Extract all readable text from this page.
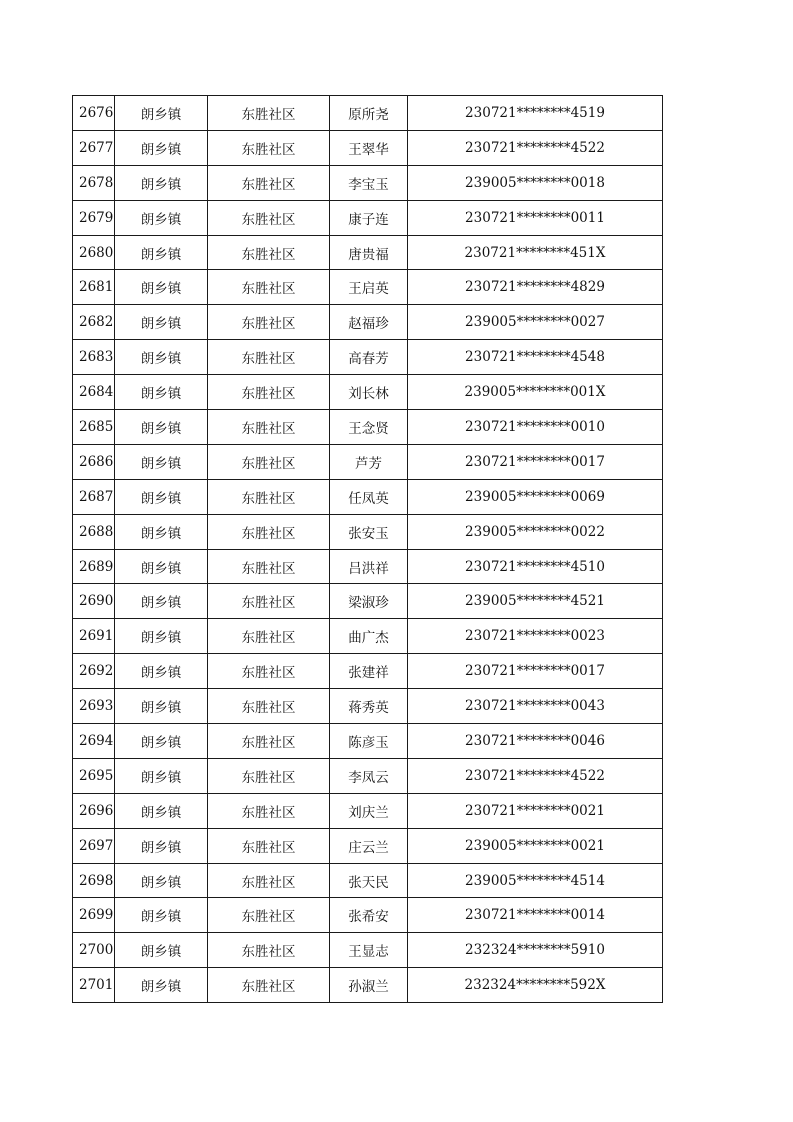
2676	朗乡镇	东胜社区	原所尧	230721********4519
2677	朗乡镇	东胜社区	王翠华	230721********4522
2678	朗乡镇	东胜社区	李宝玉	239005********0018
2679	朗乡镇	东胜社区	康子连	230721********0011
2680	朗乡镇	东胜社区	唐贵福	230721********451X
2681	朗乡镇	东胜社区	王启英	230721********4829
2682	朗乡镇	东胜社区	赵福珍	239005********0027
2683	朗乡镇	东胜社区	高春芳	230721********4548
2684	朗乡镇	东胜社区	刘长林	239005********001X
2685	朗乡镇	东胜社区	王念贤	230721********0010
2686	朗乡镇	东胜社区	芦芳	230721********0017
2687	朗乡镇	东胜社区	任凤英	239005********0069
2688	朗乡镇	东胜社区	张安玉	239005********0022
2689	朗乡镇	东胜社区	吕洪祥	230721********4510
2690	朗乡镇	东胜社区	梁淑珍	239005********4521
2691	朗乡镇	东胜社区	曲广杰	230721********0023
2692	朗乡镇	东胜社区	张建祥	230721********0017
2693	朗乡镇	东胜社区	蒋秀英	230721********0043
2694	朗乡镇	东胜社区	陈彦玉	230721********0046
2695	朗乡镇	东胜社区	李凤云	230721********4522
2696	朗乡镇	东胜社区	刘庆兰	230721********0021
2697	朗乡镇	东胜社区	庄云兰	239005********0021
2698	朗乡镇	东胜社区	张天民	239005********4514
2699	朗乡镇	东胜社区	张希安	230721********0014
2700	朗乡镇	东胜社区	王显志	232324********5910
2701	朗乡镇	东胜社区	孙淑兰	232324********592X
